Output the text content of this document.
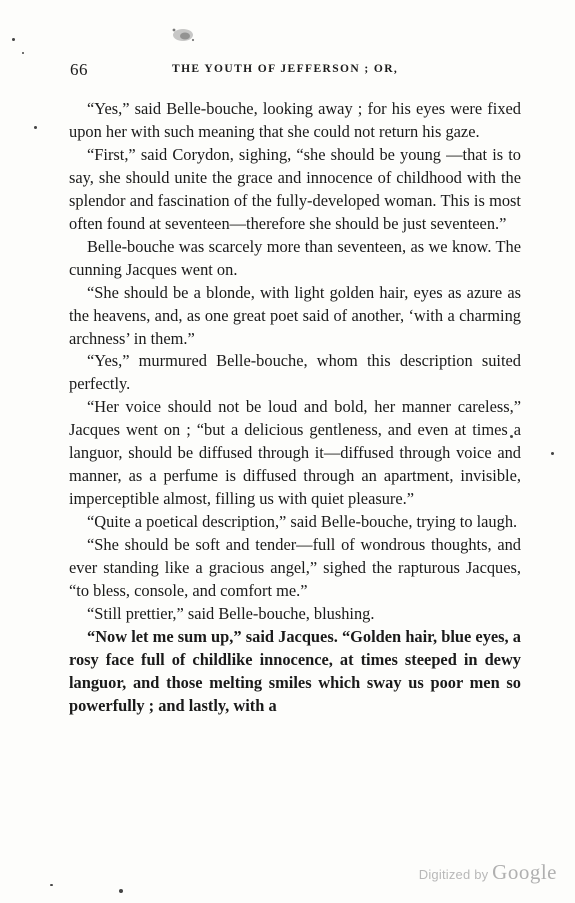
66	THE YOUTH OF JEFFERSON ; OR,

“Yes,” said Belle-bouche, looking away ; for his eyes were fixed upon her with such meaning that she could not return his gaze.

“First,” said Corydon, sighing, “she should be young —that is to say, she should unite the grace and innocence of childhood with the splendor and fascination of the fully-developed woman. This is most often found at seventeen—therefore she should be just seventeen.”

Belle-bouche was scarcely more than seventeen, as we know. The cunning Jacques went on.

“She should be a blonde, with light golden hair, eyes as azure as the heavens, and, as one great poet said of another, ‘with a charming archness’ in them.”

“Yes,” murmured Belle-bouche, whom this description suited perfectly.

“Her voice should not be loud and bold, her manner careless,” Jacques went on ; “but a delicious gentleness, and even at times a languor, should be diffused through it—diffused through voice and manner, as a perfume is diffused through an apartment, invisible, imperceptible almost, filling us with quiet pleasure.”

“Quite a poetical description,” said Belle-bouche, trying to laugh.

“She should be soft and tender—full of wondrous thoughts, and ever standing like a gracious angel,” sighed the rapturous Jacques, “to bless, console, and comfort me.”

“Still prettier,” said Belle-bouche, blushing.

“Now let me sum up,” said Jacques. “Golden hair, blue eyes, a rosy face full of childlike innocence, at times steeped in dewy languor, and those melting smiles which sway us poor men so powerfully ; and lastly, with a

Digitized by Google
